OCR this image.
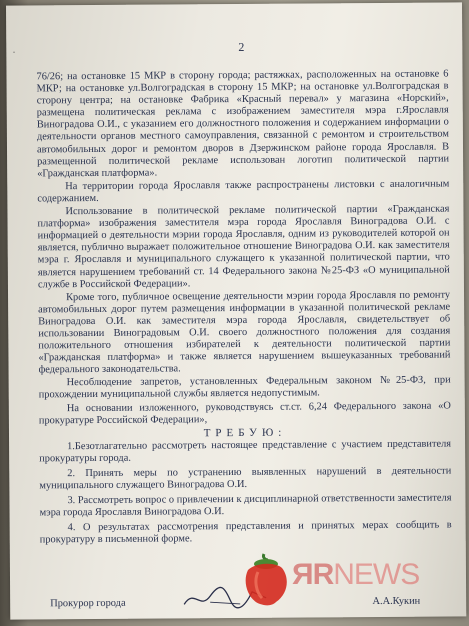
·	2

76/26; на остановке 15 МКР в сторону города; растяжках, расположенных на остановке 6 МКР; на остановке ул.Волгоградская в сторону 15 МКР; на остановке ул.Волгоградская в сторону центра; на остановке Фабрика «Красный перевал» у магазина «Норский», размещена политическая реклама с изображением заместителя мэра г.Ярославля Виноградова О.И., с указанием его должностного положения и содержанием информации о деятельности органов местного самоуправления, связанной с ремонтом и строительством автомобильных дорог и ремонтом дворов в Дзержинском районе города Ярославля. В размещенной политической рекламе использован логотип политической партии «Гражданская платформа».

На территории города Ярославля также распространены листовки с аналогичным содержанием.

Использование в политической рекламе политической партии «Гражданская платформа» изображения заместителя мэра города Ярославля Виноградова О.И. с информацией о деятельности мэрии города Ярославля, одним из руководителей которой он является, публично выражает положительное отношение Виноградова О.И. как заместителя мэра г. Ярославля и муниципального служащего к указанной политической партии, что является нарушением требований ст. 14 Федерального закона №25-ФЗ «О муниципальной службе в Российской Федерации».

Кроме того, публичное освещение деятельности мэрии города Ярославля по ремонту автомобильных дорог путем размещения информации в указанной политической рекламе Виноградова О.И. как заместителя мэра города Ярославля, свидетельствует об использовании Виноградовым О.И. своего должностного положения для создания положительного отношения избирателей к деятельности политической партии «Гражданская платформа» и также является нарушением вышеуказанных требований федерального законодательства.

Несоблюдение запретов, установленных Федеральным законом №25-ФЗ, при прохождении муниципальной службы является недопустимым.

На основании изложенного, руководствуясь ст.ст. 6,24 Федерального закона «О прокуратуре Российской Федерации»,

ТРЕБУЮ:

1.Безотлагательно рассмотреть настоящее представление с участием представителя прокуратуры города.

2. Принять меры по устранению выявленных нарушений в деятельности муниципального служащего Виноградова О.И.

3. Рассмотреть вопрос о привлечении к дисциплинарной ответственности заместителя мэра города Ярославля Виноградова О.И.

4. О результатах рассмотрения представления и принятых мерах сообщить в прокуратуру в письменной форме.

Прокурор города	А.А.Кукин
ЯRNEWS
